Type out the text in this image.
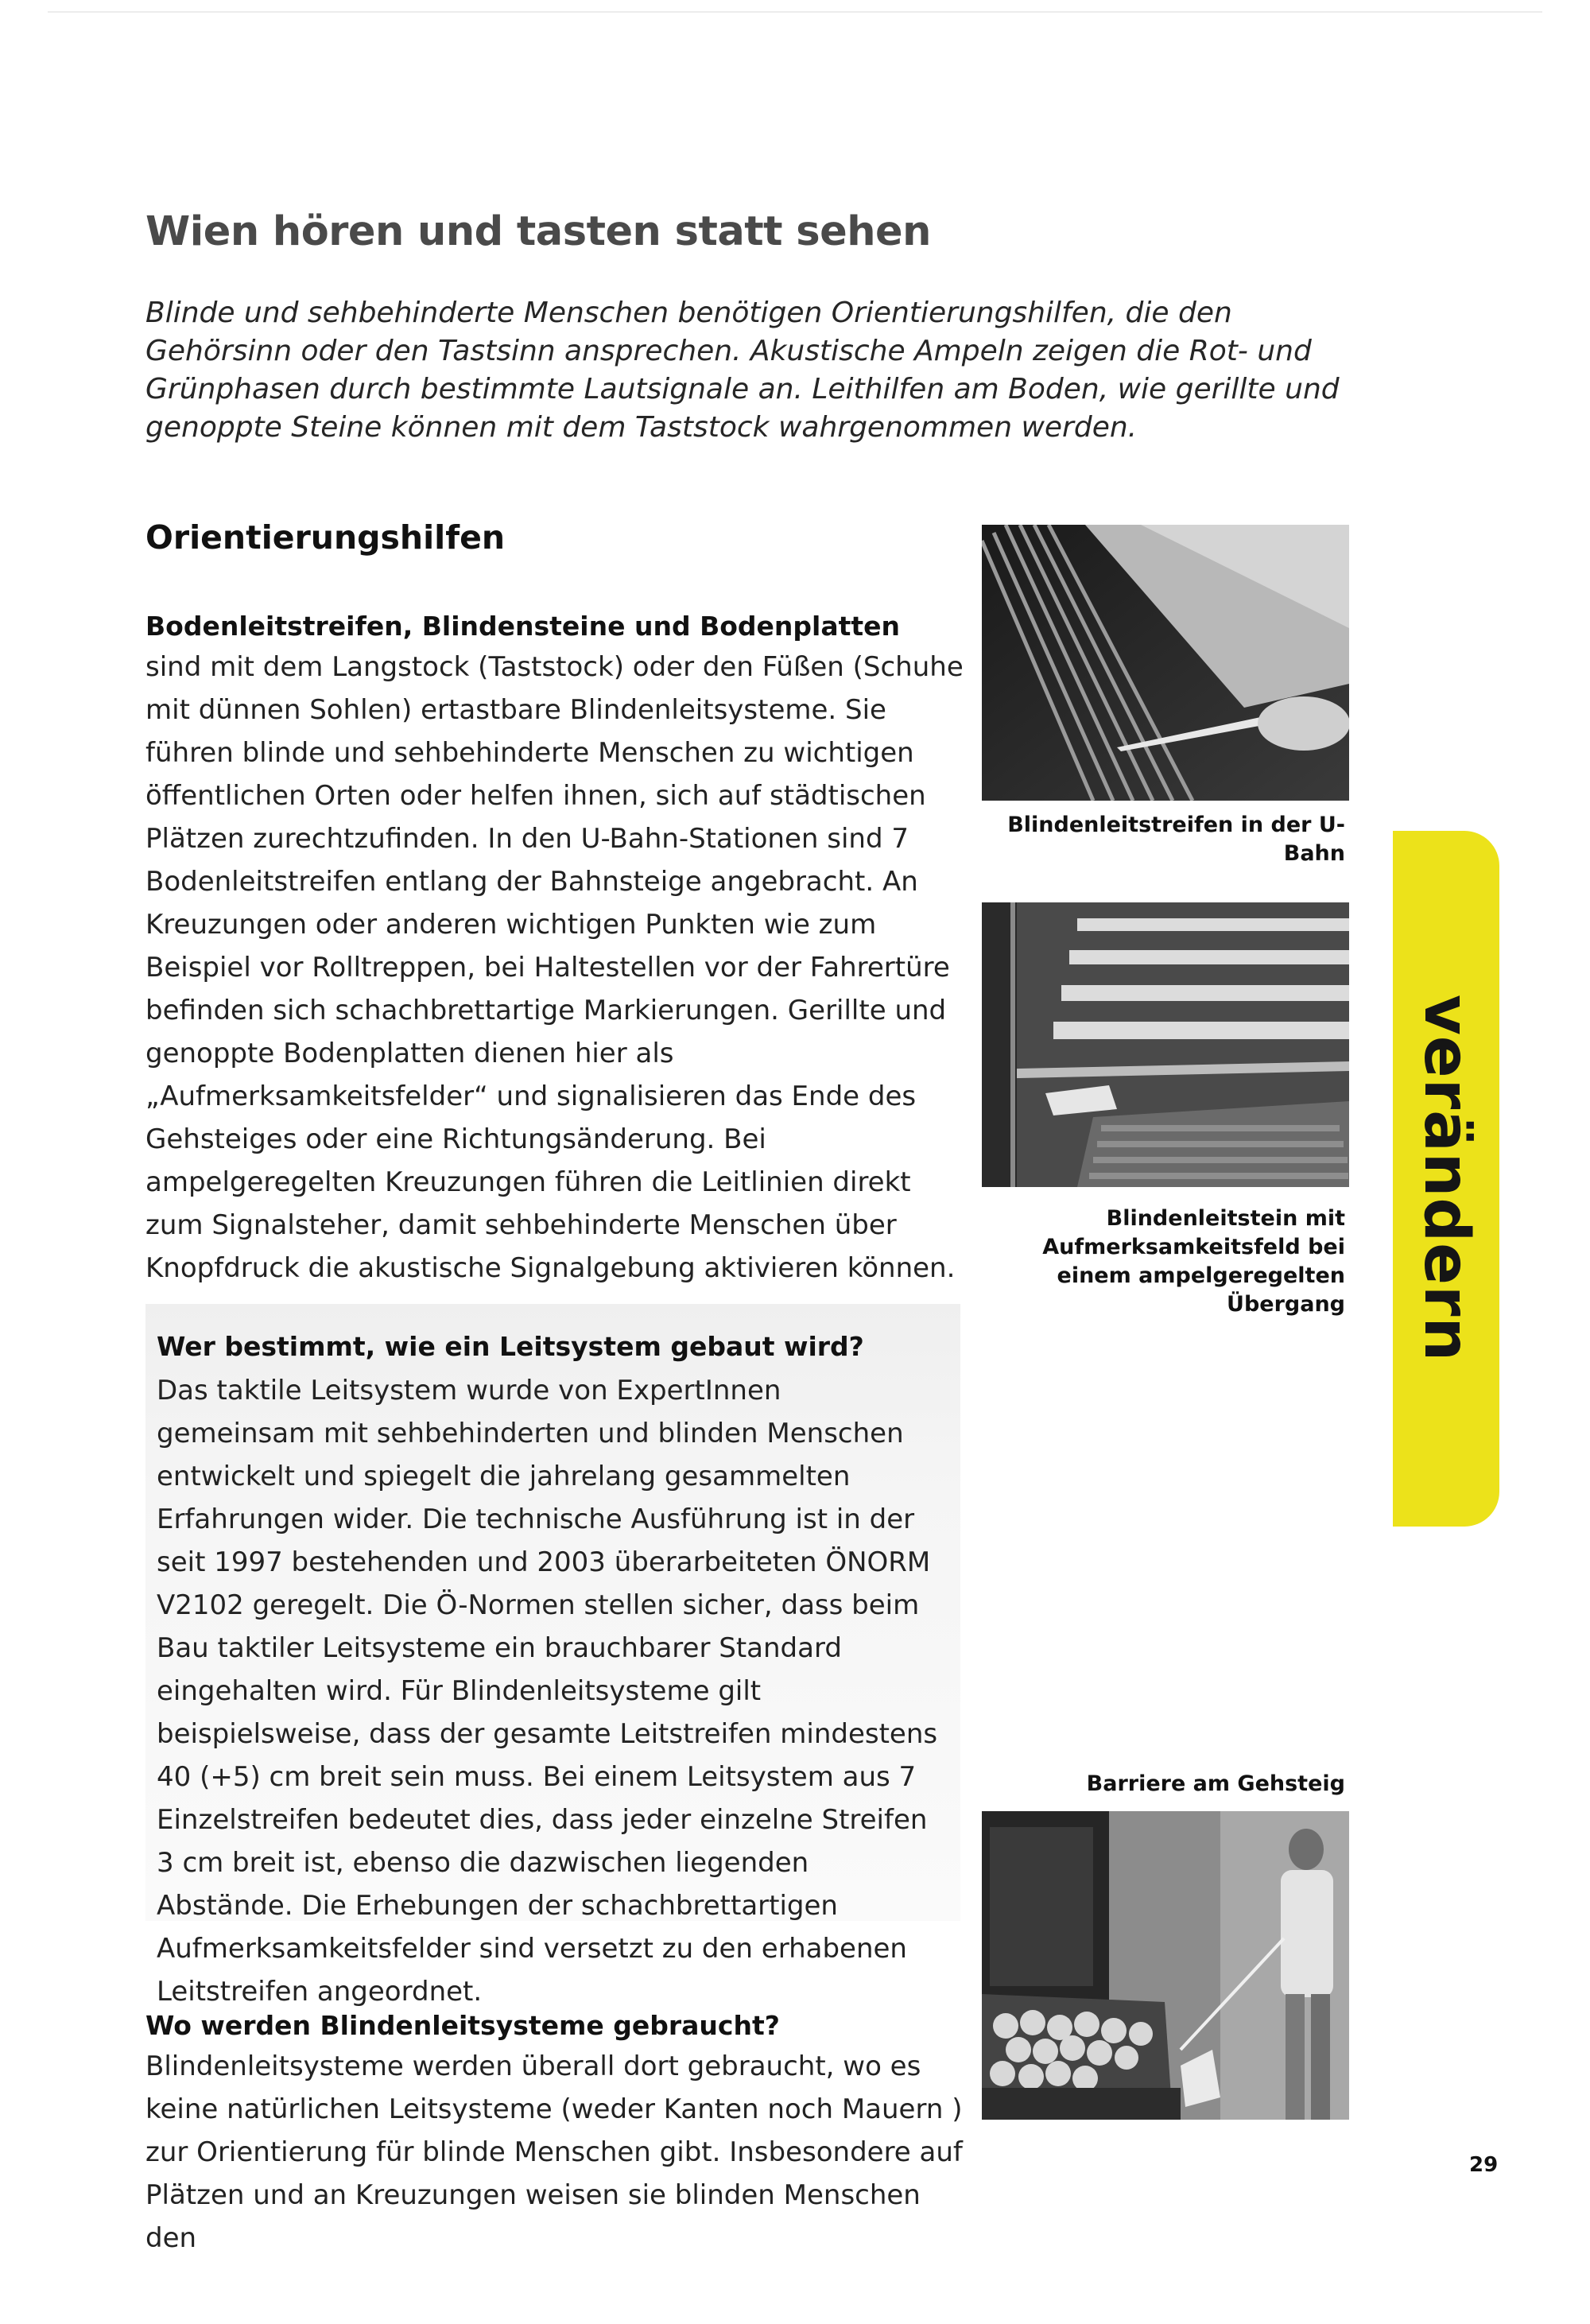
Wien hören und tasten statt sehen

Blinde und sehbehinderte Menschen benötigen Orientierungshilfen, die den Gehörsinn oder den Tastsinn ansprechen. Akustische Ampeln zeigen die Rot- und Grünphasen durch bestimmte Lautsignale an. Leithilfen am Boden, wie gerillte und genoppte Steine können mit dem Taststock wahrgenommen werden.

Orientierungshilfen

Bodenleitstreifen, Blindensteine und Bodenplatten

sind mit dem Langstock (Taststock) oder den Füßen (Schuhe mit dünnen Sohlen) ertastbare Blindenleitsysteme. Sie führen blinde und sehbehinderte Menschen zu wichtigen öffentlichen Orten oder helfen ihnen, sich auf städtischen Plätzen zurechtzufinden. In den U-Bahn-Stationen sind 7 Bodenleitstreifen entlang der Bahnsteige angebracht. An Kreuzungen oder anderen wichtigen Punkten wie zum Beispiel vor Rolltreppen, bei Haltestellen vor der Fahrertüre befinden sich schachbrettartige Markierungen. Gerillte und genoppte Bodenplatten dienen hier als „Aufmerksamkeitsfelder“ und signalisieren das Ende des Gehsteiges oder eine Richtungsänderung. Bei ampelgeregelten Kreuzungen führen die Leitlinien direkt zum Signalsteher, damit sehbehinderte Menschen über Knopfdruck die akustische Signalgebung aktivieren können.

Wer bestimmt, wie ein Leitsystem gebaut wird?

Das taktile Leitsystem wurde von ExpertInnen gemeinsam mit sehbehinderten und blinden Menschen entwickelt und spiegelt die jahrelang gesammelten Erfahrungen wider. Die technische Ausführung ist in der seit 1997 bestehenden und 2003 überarbeiteten ÖNORM V2102 geregelt. Die Ö-Normen stellen sicher, dass beim Bau taktiler Leitsysteme ein brauchbarer Standard eingehalten wird. Für Blindenleitsysteme gilt beispielsweise, dass der gesamte Leitstreifen mindestens 40 (+5) cm breit sein muss. Bei einem Leitsystem aus 7 Einzelstreifen bedeutet dies, dass jeder einzelne Streifen 3 cm breit ist, ebenso die dazwischen liegenden Abstände. Die Erhebungen der schachbrettartigen Aufmerksamkeitsfelder sind versetzt zu den erhabenen Leitstreifen angeordnet.

Wo werden Blindenleitsysteme gebraucht?

Blindenleitsysteme werden überall dort gebraucht, wo es keine natürlichen Leitsysteme (weder Kanten noch Mauern ) zur Orientierung für blinde Menschen gibt. Insbesondere auf Plätzen und an Kreuzungen weisen sie blinden Menschen den

Blindenleitstreifen in der U-Bahn

Blindenleitstein mit Aufmerksamkeitsfeld bei einem ampelgeregelten Übergang

Barriere am Gehsteig

verändern

29
